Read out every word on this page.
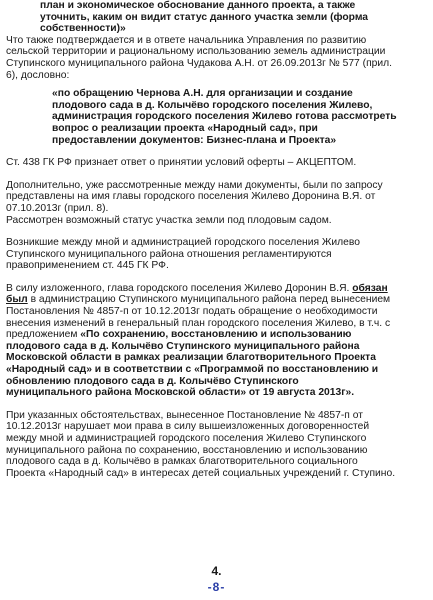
план и экономическое обоснование данного проекта, а также

уточнить, каким он видит статус данного участка земли (форма

собственности)»

Что также подтверждается и в ответе начальника Управления по развитию

сельской территории и рациональному использованию земель администрации

Ступинского муниципального района Чудакова А.Н. от 26.09.2013г № 577 (прил.

6), дословно:

«по обращению Чернова А.Н. для организации и создание

плодового сада в д. Колычёво городского поселения Жилево,

администрация городского поселения Жилево готова рассмотреть

вопрос о реализации проекта «Народный сад», при

предоставлении документов: Бизнес-плана и Проекта»

Ст. 438 ГК РФ признает ответ о принятии условий оферты – АКЦЕПТОМ.

Дополнительно, уже рассмотренные между нами документы, были по запросу

представлены на имя главы городского поселения Жилево Доронина В.Я. от

07.10.2013г (прил. 8).

Рассмотрен возможный статус участка земли под плодовым садом.

Возникшие между мной и администрацией городского поселения Жилево

Ступинского муниципального района отношения регламентируются

правоприменением ст. 445 ГК РФ.

В силу изложенного, глава городского поселения Жилево Доронин В.Я. обязан

был в администрацию Ступинского муниципального района перед вынесением

Постановления № 4857-п от 10.12.2013г подать обращение о необходимости

внесения изменений в генеральный план городского поселения Жилево, в т.ч. с

предложением «По сохранению, восстановлению и использованию

плодового сада в д. Колычёво Ступинского муниципального района

Московской области в рамках реализации благотворительного Проекта

«Народный сад» и в соответствии с «Программой по восстановлению и

обновлению плодового сада в д. Колычёво Ступинского

муниципального района Московской области» от 19 августа 2013г».

При указанных обстоятельствах, вынесенное Постановление № 4857-п от

10.12.2013г нарушает мои права в силу вышеизложенных договоренностей

между мной и администрацией городского поселения Жилево Ступинского

муниципального района по сохранению, восстановлению и использованию

плодового сада в д. Колычёво в рамках благотворительного социального

Проекта «Народный сад» в интересах детей социальных учреждений г. Ступино.

4.
-8-
